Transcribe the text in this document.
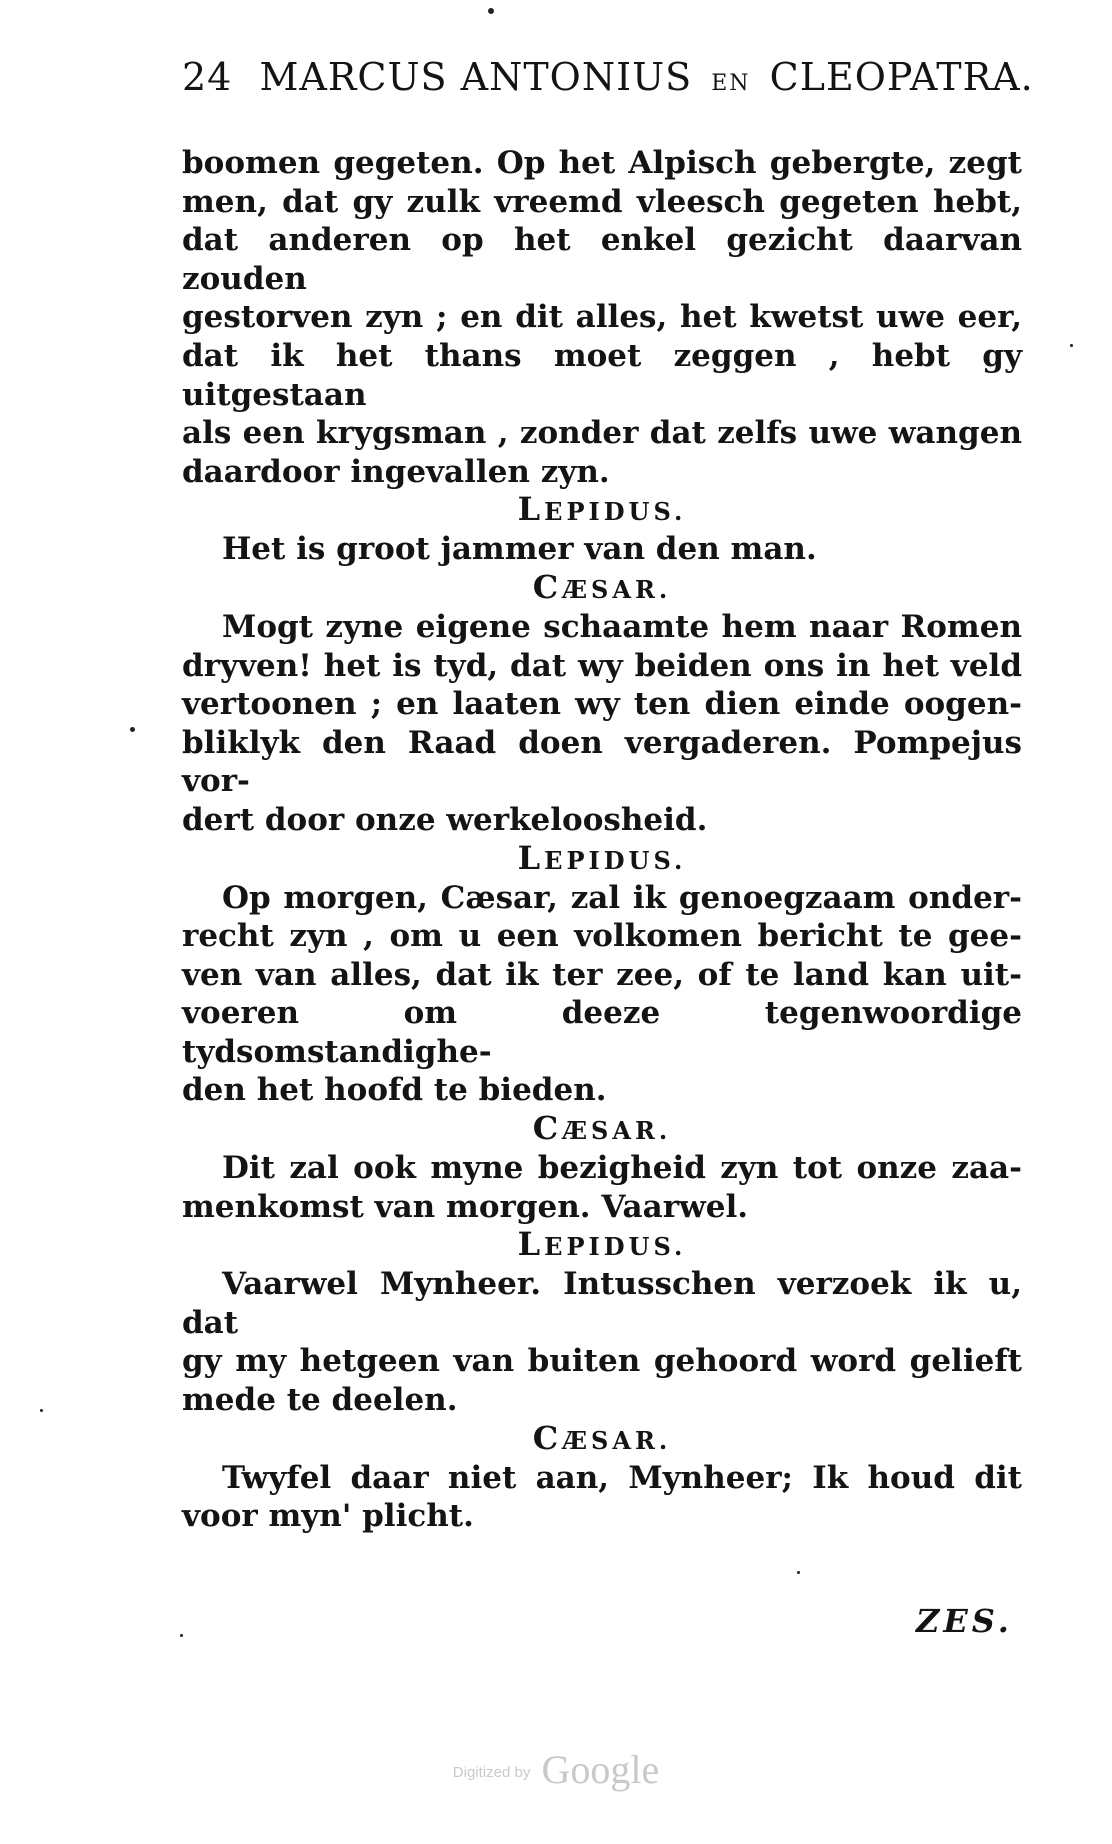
24 MARCUS ANTONIUS EN CLEOPATRA.
boomen gegeten. Op het Alpisch gebergte, zegt
men, dat gy zulk vreemd vleesch gegeten hebt,
dat anderen op het enkel gezicht daarvan zouden
gestorven zyn ; en dit alles, het kwetst uwe eer,
dat ik het thans moet zeggen , hebt gy uitgestaan
als een krygsman , zonder dat zelfs uwe wangen
daardoor ingevallen zyn.
LEPIDUS.
Het is groot jammer van den man.
CÆSAR.
Mogt zyne eigene schaamte hem naar Romen
dryven! het is tyd, dat wy beiden ons in het veld
vertoonen ; en laaten wy ten dien einde oogen-
bliklyk den Raad doen vergaderen. Pompejus vor-
dert door onze werkeloosheid.
LEPIDUS.
Op morgen, Cæsar, zal ik genoegzaam onder-
recht zyn , om u een volkomen bericht te gee-
ven van alles, dat ik ter zee, of te land kan uit-
voeren om deeze tegenwoordige tydsomstandighe-
den het hoofd te bieden.
CÆSAR.
Dit zal ook myne bezigheid zyn tot onze zaa-
menkomst van morgen. Vaarwel.
LEPIDUS.
Vaarwel Mynheer. Intusschen verzoek ik u, dat
gy my hetgeen van buiten gehoord word gelieft
mede te deelen.
CÆSAR.
Twyfel daar niet aan, Mynheer; Ik houd dit
voor myn' plicht.
ZES.
Digitized by Google
